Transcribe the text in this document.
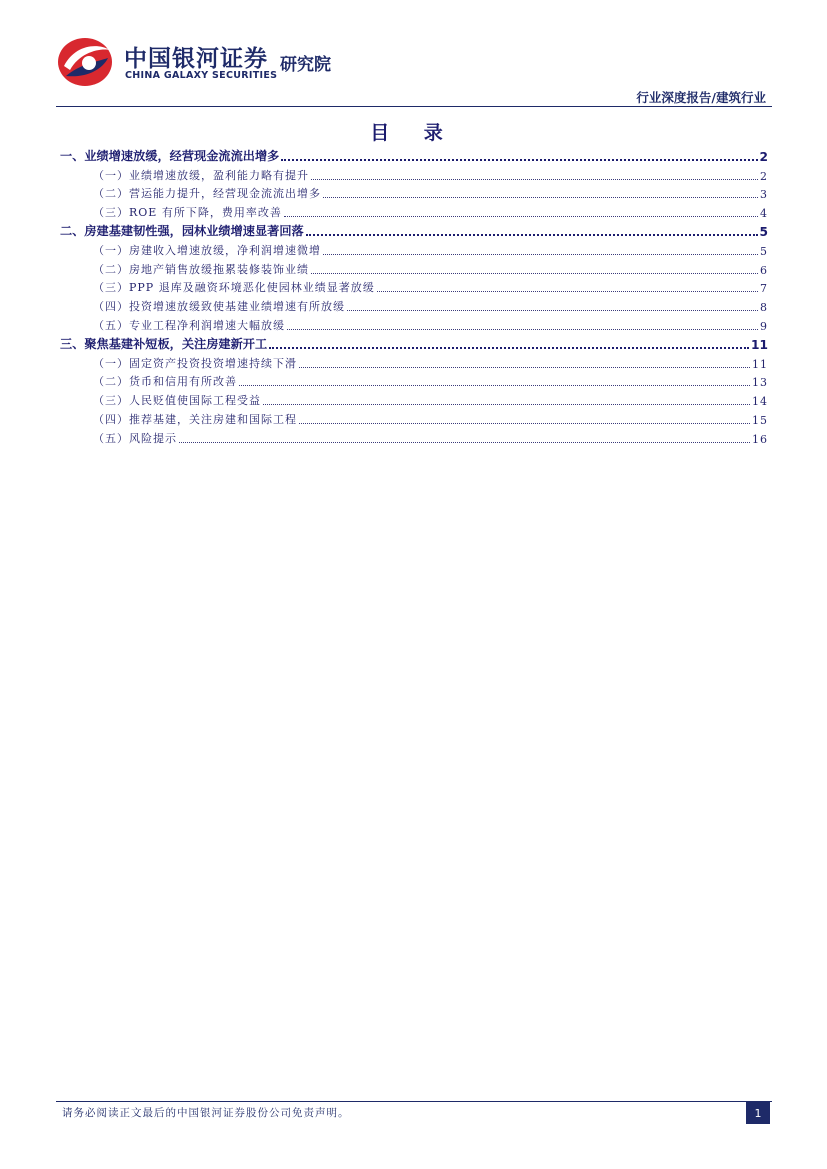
中国银河证券
CHINA GALAXY SECURITIES
研究院
行业深度报告/建筑行业
目 录
一、业绩增速放缓，经营现金流流出增多	2
（一）业绩增速放缓，盈利能力略有提升	2
（二）营运能力提升，经营现金流流出增多	3
（三）ROE 有所下降，费用率改善	4
二、房建基建韧性强，园林业绩增速显著回落	5
（一）房建收入增速放缓，净利润增速微增	5
（二）房地产销售放缓拖累装修装饰业绩	6
（三）PPP 退库及融资环境恶化使园林业绩显著放缓	7
（四）投资增速放缓致使基建业绩增速有所放缓	8
（五）专业工程净利润增速大幅放缓	9
三、聚焦基建补短板，关注房建新开工	11
（一）固定资产投资投资增速持续下滑	11
（二）货币和信用有所改善	13
（三）人民贬值使国际工程受益	14
（四）推荐基建，关注房建和国际工程	15
（五）风险提示	16
请务必阅读正文最后的中国银河证券股份公司免责声明。	1
